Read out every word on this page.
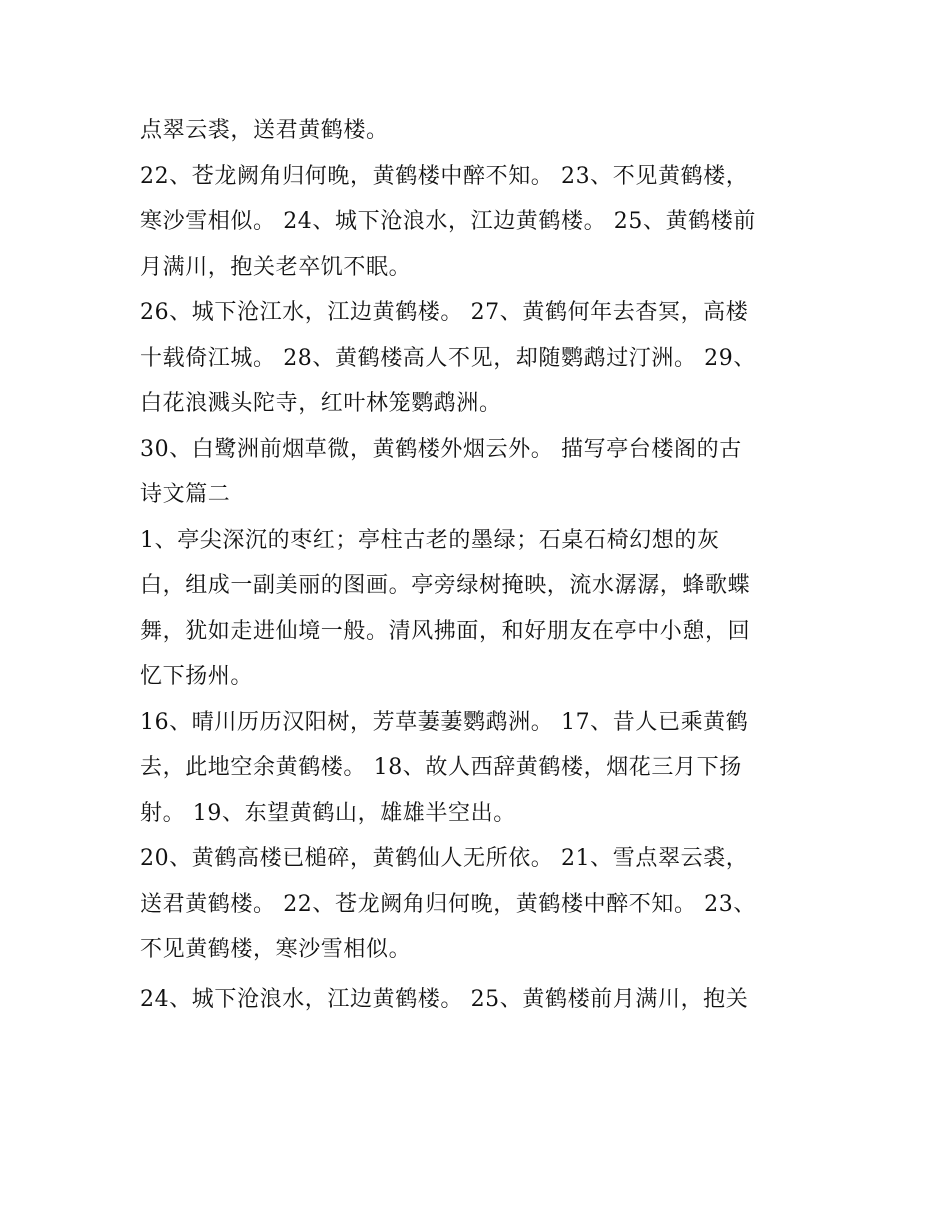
点翠云裘，送君黄鹤楼。
22、苍龙阙角归何晚，黄鹤楼中醉不知。 23、不见黄鹤楼，
寒沙雪相似。 24、城下沧浪水，江边黄鹤楼。 25、黄鹤楼前
月满川，抱关老卒饥不眠。
26、城下沧江水，江边黄鹤楼。 27、黄鹤何年去杳冥，高楼
十载倚江城。 28、黄鹤楼高人不见，却随鹦鹉过汀洲。 29、
白花浪溅头陀寺，红叶林笼鹦鹉洲。
30、白鹭洲前烟草微，黄鹤楼外烟云外。 描写亭台楼阁的古
诗文篇二
1、亭尖深沉的枣红；亭柱古老的墨绿；石桌石椅幻想的灰
白，组成一副美丽的图画。亭旁绿树掩映，流水潺潺，蜂歌蝶
舞，犹如走进仙境一般。清风拂面，和好朋友在亭中小憩，回
忆下扬州。
16、晴川历历汉阳树，芳草萋萋鹦鹉洲。 17、昔人已乘黄鹤
去，此地空余黄鹤楼。 18、故人西辞黄鹤楼，烟花三月下扬
射。 19、东望黄鹤山，雄雄半空出。
20、黄鹤高楼已槌碎，黄鹤仙人无所依。 21、雪点翠云裘，
送君黄鹤楼。 22、苍龙阙角归何晚，黄鹤楼中醉不知。 23、
不见黄鹤楼，寒沙雪相似。
24、城下沧浪水，江边黄鹤楼。 25、黄鹤楼前月满川，抱关
